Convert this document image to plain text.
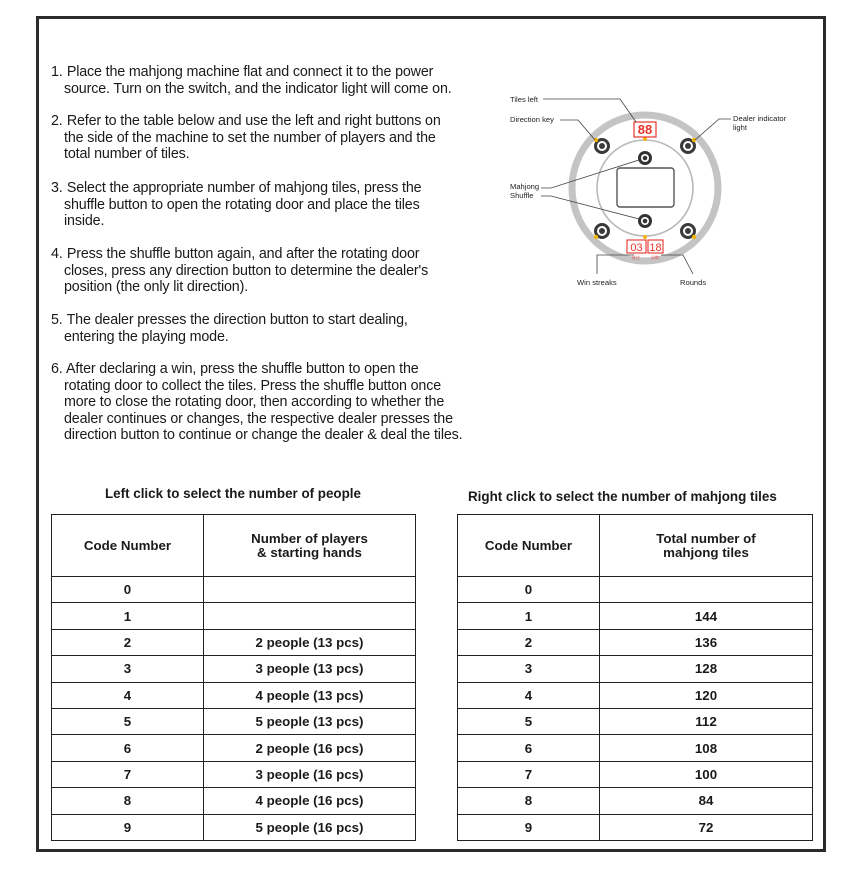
1. Place the mahjong machine flat and connect it to the power
source. Turn on the switch, and the indicator light will come on.
2. Refer to the table below and use the left and right buttons on
the side of the machine to set the number of players and the
total number of tiles.
3. Select the appropriate number of mahjong tiles, press the
shuffle button to open the rotating door and place the tiles
inside.
4. Press the shuffle button again, and after the rotating door
closes, press any direction button to determine the dealer's
position (the only lit direction).
5. The dealer presses the direction button to start dealing,
entering the playing mode.
6. After declaring a win, press the shuffle button to open the
rotating door to collect the tiles. Press the shuffle button once
more to close the rotating door, then according to whether the
dealer continues or changes, the respective dealer presses the
direction button to continue or change the dealer & deal the tiles.
88
03 18
连庄	局数
Tiles left
Direction key	Dealer indicator
light
Mahjong
Shuffle
Win streaks	Rounds
Left click to select the number of people
Code Number	Number of players
& starting hands

0	
1	
2	2 people (13 pcs)
3	3 people (13 pcs)
4	4 people (13 pcs)
5	5 people (13 pcs)
6	2 people (16 pcs)
7	3 people (16 pcs)
8	4 people (16 pcs)
9	5 people (16 pcs)
Right click to select the number of mahjong tiles
Code Number	Total number of
mahjong tiles

0	
1	144
2	136
3	128
4	120
5	112
6	108
7	100
8	84
9	72
